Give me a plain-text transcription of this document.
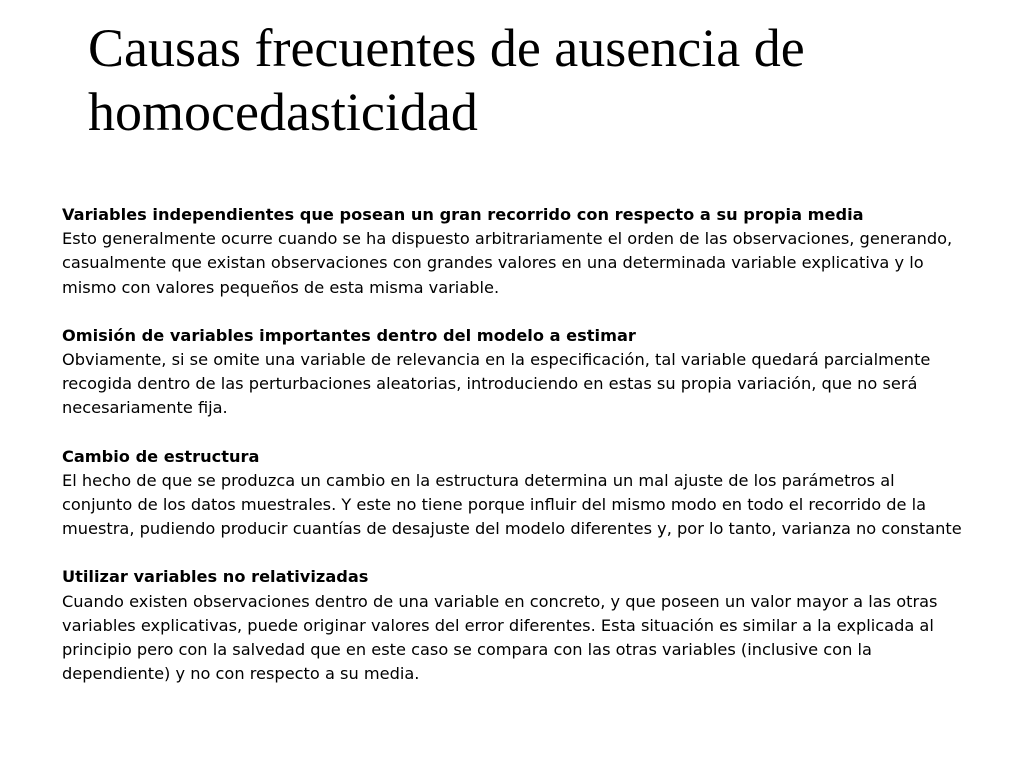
Causas frecuentes de ausencia de homocedasticidad
Variables independientes que posean un gran recorrido con respecto a su propia media
Esto generalmente ocurre cuando se ha dispuesto arbitrariamente el orden de las observaciones, generando, casualmente que existan observaciones con grandes valores en una determinada variable explicativa y lo mismo con valores pequeños de esta misma variable.
Omisión de variables importantes dentro del modelo a estimar
Obviamente, si se omite una variable de relevancia en la especificación, tal variable quedará parcialmente recogida dentro de las perturbaciones aleatorias, introduciendo en estas su propia variación, que no será necesariamente fija.
Cambio de estructura
El hecho de que se produzca un cambio en la estructura determina un mal ajuste de los parámetros al conjunto de los datos muestrales. Y este no tiene porque influir del mismo modo en todo el recorrido de la muestra, pudiendo producir cuantías de desajuste del modelo diferentes y, por lo tanto, varianza no constante
Utilizar variables no relativizadas
Cuando existen observaciones dentro de una variable en concreto, y que poseen un valor mayor a las otras variables explicativas, puede originar valores del error diferentes. Esta situación es similar a la explicada al principio pero con la salvedad que en este caso se compara con las otras variables (inclusive con la dependiente) y no con respecto a su media.
